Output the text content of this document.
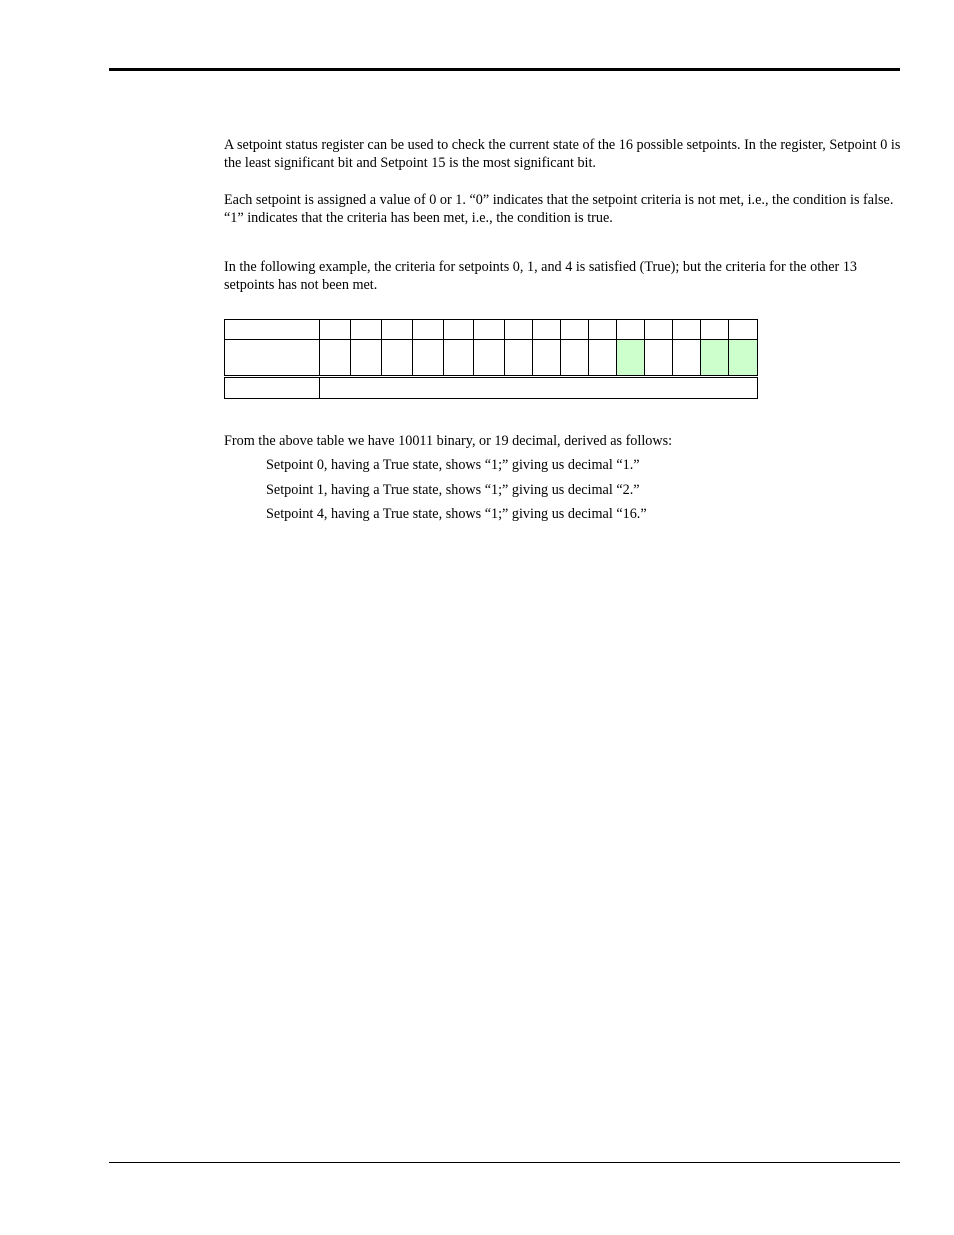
A setpoint status register can be used to check the current state of the 16 possible setpoints. In the register, Setpoint 0 is the least significant bit and Setpoint 15 is the most significant bit.

Each setpoint is assigned a value of 0 or 1. “0” indicates that the setpoint criteria is not met, i.e., the condition is false. “1” indicates that the criteria has been met, i.e., the condition is true.

In the following example, the criteria for setpoints 0, 1, and 4 is satisfied (True); but the criteria for the other 13 setpoints has not been met.

From the above table we have 10011 binary, or 19 decimal, derived as follows:

Setpoint 0, having a True state, shows “1;” giving us decimal “1.”
Setpoint 1, having a True state, shows “1;” giving us decimal “2.”
Setpoint 4, having a True state, shows “1;” giving us decimal “16.”
